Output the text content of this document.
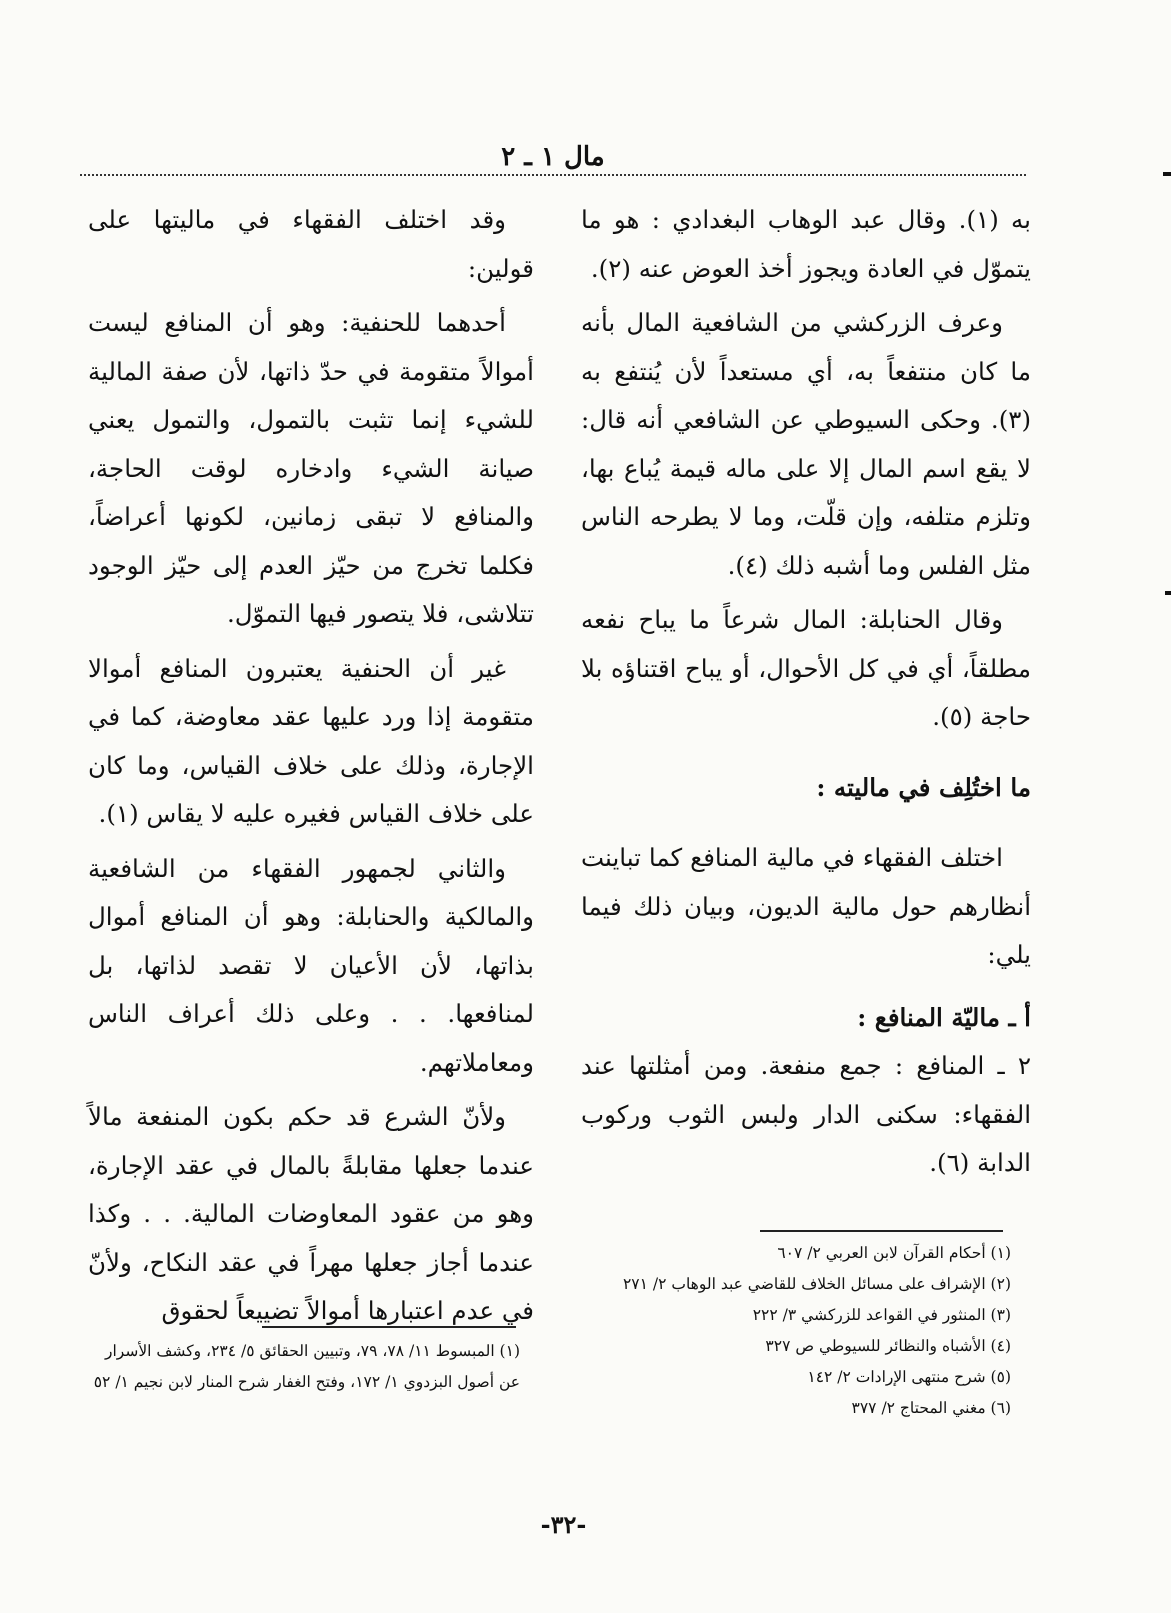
مال ١ ـ ٢

به (١). وقال عبد الوهاب البغدادي : هو ما يتموّل في العادة ويجوز أخذ العوض عنه (٢).

وعرف الزركشي من الشافعية المال بأنه ما كان منتفعاً به، أي مستعداً لأن يُنتفع به (٣). وحكى السيوطي عن الشافعي أنه قال: لا يقع اسم المال إلا على ماله قيمة يُباع بها، وتلزم متلفه، وإن قلّت، وما لا يطرحه الناس مثل الفلس وما أشبه ذلك (٤).

وقال الحنابلة: المال شرعاً ما يباح نفعه مطلقاً، أي في كل الأحوال، أو يباح اقتناؤه بلا حاجة (٥).

ما اختُلِف في ماليته :

اختلف الفقهاء في مالية المنافع كما تباينت أنظارهم حول مالية الديون، وبيان ذلك فيما يلي:

أ ـ ماليّة المنافع :

٢ ـ المنافع : جمع منفعة. ومن أمثلتها عند الفقهاء: سكنى الدار ولبس الثوب وركوب الدابة (٦).

وقد اختلف الفقهاء في ماليتها على قولين:

أحدهما للحنفية: وهو أن المنافع ليست أموالاً متقومة في حدّ ذاتها، لأن صفة المالية للشيء إنما تثبت بالتمول، والتمول يعني صيانة الشيء وادخاره لوقت الحاجة، والمنافع لا تبقى زمانين، لكونها أعراضاً، فكلما تخرج من حيّز العدم إلى حيّز الوجود تتلاشى، فلا يتصور فيها التموّل.

غير أن الحنفية يعتبرون المنافع أموالا متقومة إذا ورد عليها عقد معاوضة، كما في الإجارة، وذلك على خلاف القياس، وما كان على خلاف القياس فغيره عليه لا يقاس (١).

والثاني لجمهور الفقهاء من الشافعية والمالكية والحنابلة: وهو أن المنافع أموال بذاتها، لأن الأعيان لا تقصد لذاتها، بل لمنافعها. . . وعلى ذلك أعراف الناس ومعاملاتهم.

ولأنّ الشرع قد حكم بكون المنفعة مالاً عندما جعلها مقابلةً بالمال في عقد الإجارة، وهو من عقود المعاوضات المالية. . . وكذا عندما أجاز جعلها مهراً في عقد النكاح، ولأنّ في عدم اعتبارها أموالاً تضييعاً لحقوق

(١) أحكام القرآن لابن العربي ٢/ ٦٠٧
(٢) الإشراف على مسائل الخلاف للقاضي عبد الوهاب ٢/ ٢٧١
(٣) المنثور في القواعد للزركشي ٣/ ٢٢٢
(٤) الأشباه والنظائر للسيوطي ص ٣٢٧
(٥) شرح منتهى الإرادات ٢/ ١٤٢
(٦) مغني المحتاج ٢/ ٣٧٧
(١) المبسوط ١١/ ٧٨، ٧٩، وتبيين الحقائق ٥/ ٢٣٤، وكشف الأسرار عن أصول البزدوي ١/ ١٧٢، وفتح الغفار شرح المنار لابن نجيم ١/ ٥٢
-٣٢-
